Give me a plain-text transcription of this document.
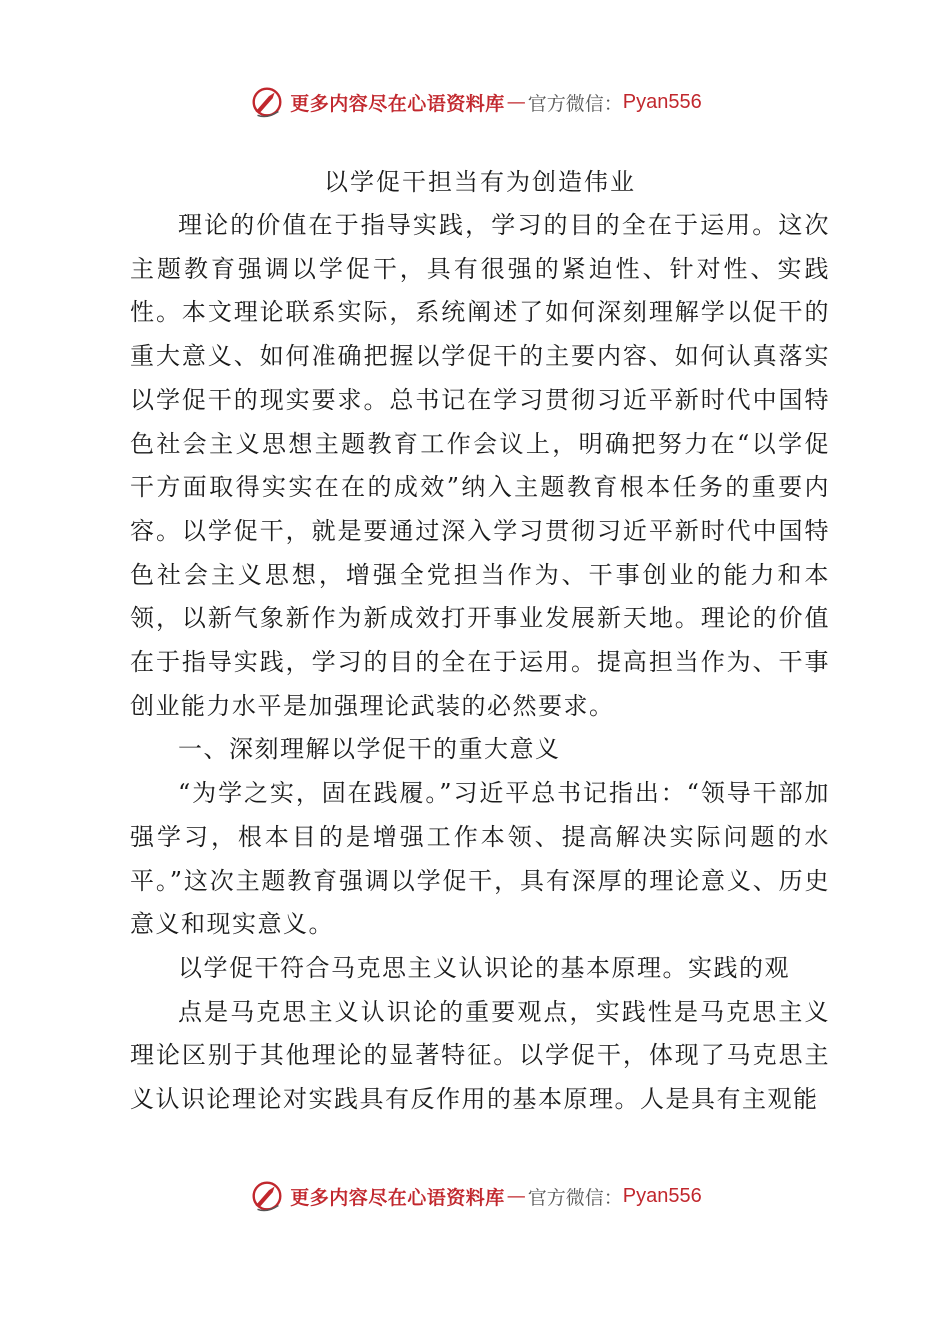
更多内容尽在心语资料库 — 官方微信： Pyan556

以学促干担当有为创造伟业

理论的价值在于指导实践，学习的目的全在于运用。这次主题教育强调以学促干，具有很强的紧迫性、针对性、实践性。本文理论联系实际，系统阐述了如何深刻理解学以促干的重大意义、如何准确把握以学促干的主要内容、如何认真落实以学促干的现实要求。总书记在学习贯彻习近平新时代中国特色社会主义思想主题教育工作会议上，明确把努力在“以学促干方面取得实实在在的成效”纳入主题教育根本任务的重要内容。以学促干，就是要通过深入学习贯彻习近平新时代中国特色社会主义思想，增强全党担当作为、干事创业的能力和本领，以新气象新作为新成效打开事业发展新天地。理论的价值在于指导实践，学习的目的全在于运用。提高担当作为、干事创业能力水平是加强理论武装的必然要求。

一、深刻理解以学促干的重大意义

“为学之实，固在践履。”习近平总书记指出：“领导干部加强学习，根本目的是增强工作本领、提高解决实际问题的水平。”这次主题教育强调以学促干，具有深厚的理论意义、历史意义和现实意义。

以学促干符合马克思主义认识论的基本原理。实践的观

点是马克思主义认识论的重要观点，实践性是马克思主义理论区别于其他理论的显著特征。以学促干，体现了马克思主义认识论理论对实践具有反作用的基本原理。人是具有主观能

更多内容尽在心语资料库 — 官方微信： Pyan556
